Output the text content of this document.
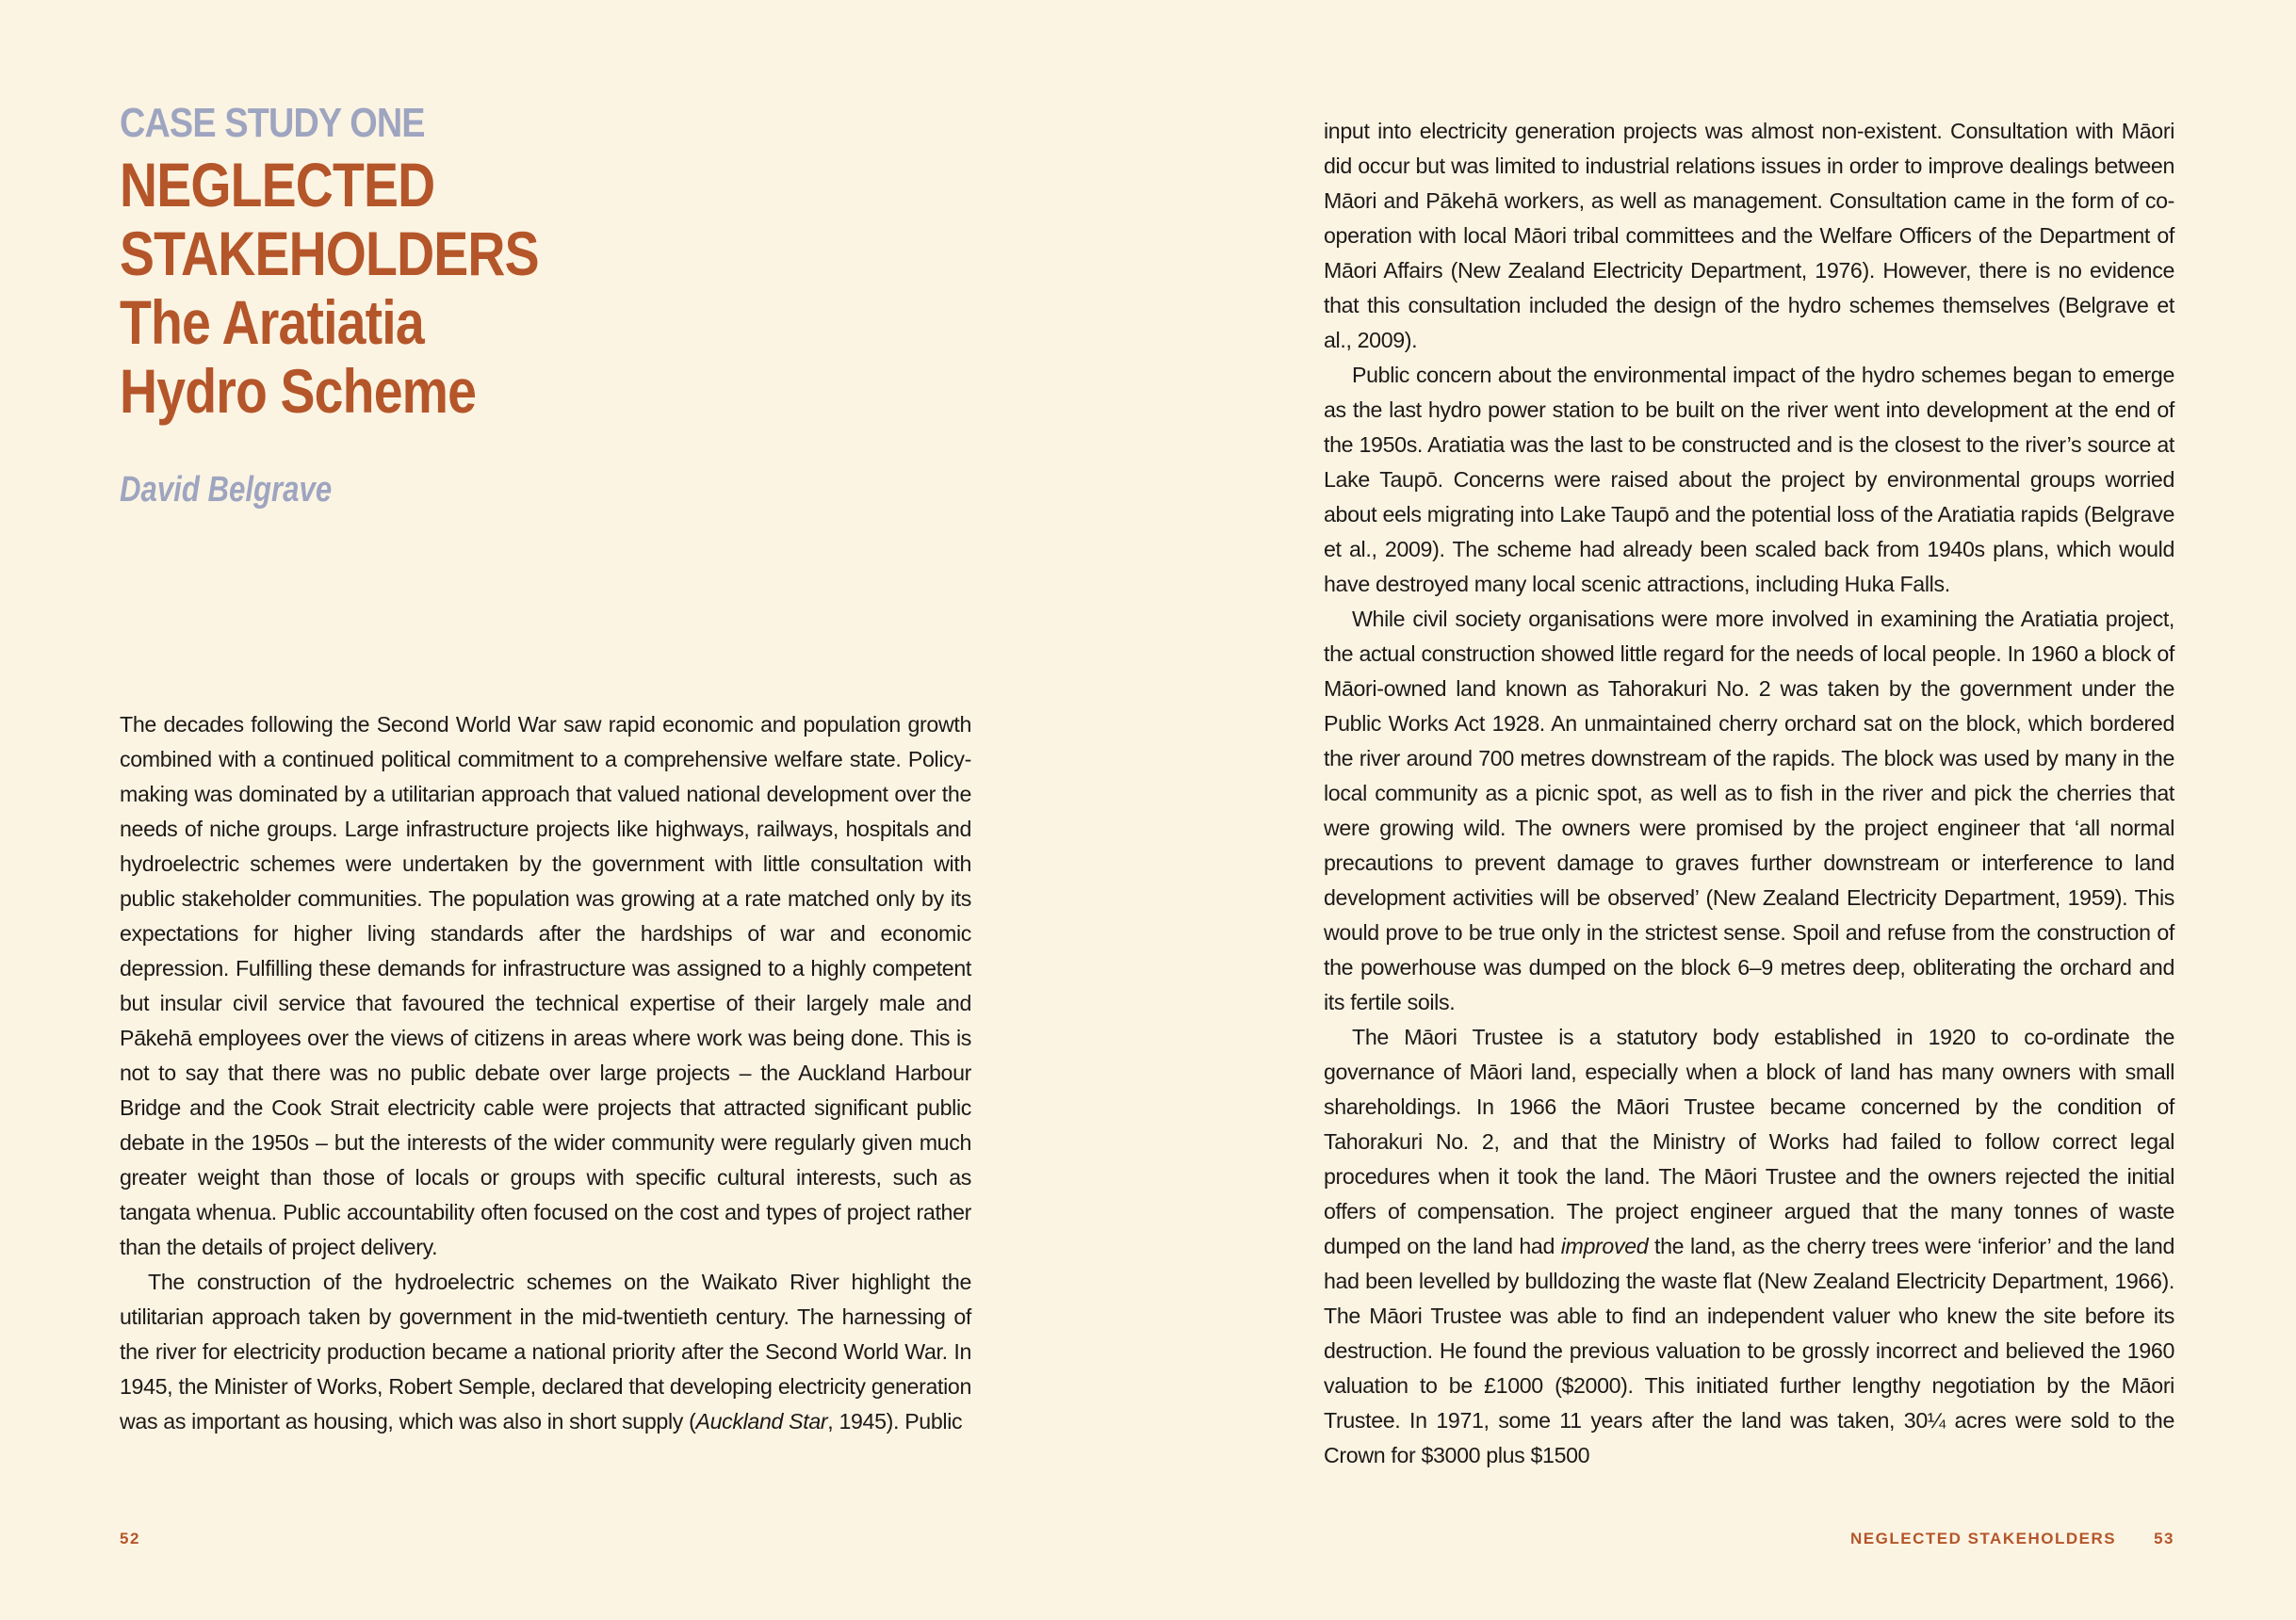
CASE STUDY ONE
NEGLECTED
STAKEHOLDERS
The Aratiatia
Hydro Scheme

David Belgrave

The decades following the Second World War saw rapid economic and population growth combined with a continued political commitment to a comprehensive welfare state. Policy-making was dominated by a utilitarian approach that valued national development over the needs of niche groups. Large infrastructure projects like highways, railways, hospitals and hydroelectric schemes were undertaken by the government with little consultation with public stakeholder communities. The population was growing at a rate matched only by its expectations for higher living standards after the hardships of war and economic depression. Fulfilling these demands for infrastructure was assigned to a highly competent but insular civil service that favoured the technical expertise of their largely male and Pākehā employees over the views of citizens in areas where work was being done. This is not to say that there was no public debate over large projects – the Auckland Harbour Bridge and the Cook Strait electricity cable were projects that attracted significant public debate in the 1950s – but the interests of the wider community were regularly given much greater weight than those of locals or groups with specific cultural interests, such as tangata whenua. Public accountability often focused on the cost and types of project rather than the details of project delivery.

The construction of the hydroelectric schemes on the Waikato River highlight the utilitarian approach taken by government in the mid-twentieth century. The harnessing of the river for electricity production became a national priority after the Second World War. In 1945, the Minister of Works, Robert Semple, declared that developing electricity generation was as important as housing, which was also in short supply (Auckland Star, 1945). Public

52

input into electricity generation projects was almost non-existent. Consultation with Māori did occur but was limited to industrial relations issues in order to improve dealings between Māori and Pākehā workers, as well as management. Consultation came in the form of co-operation with local Māori tribal committees and the Welfare Officers of the Department of Māori Affairs (New Zealand Electricity Department, 1976). However, there is no evidence that this consultation included the design of the hydro schemes themselves (Belgrave et al., 2009).

Public concern about the environmental impact of the hydro schemes began to emerge as the last hydro power station to be built on the river went into development at the end of the 1950s. Aratiatia was the last to be constructed and is the closest to the river’s source at Lake Taupō. Concerns were raised about the project by environmental groups worried about eels migrating into Lake Taupō and the potential loss of the Aratiatia rapids (Belgrave et al., 2009). The scheme had already been scaled back from 1940s plans, which would have destroyed many local scenic attractions, including Huka Falls.

While civil society organisations were more involved in examining the Aratiatia project, the actual construction showed little regard for the needs of local people. In 1960 a block of Māori-owned land known as Tahorakuri No. 2 was taken by the government under the Public Works Act 1928. An unmaintained cherry orchard sat on the block, which bordered the river around 700 metres downstream of the rapids. The block was used by many in the local community as a picnic spot, as well as to fish in the river and pick the cherries that were growing wild. The owners were promised by the project engineer that ‘all normal precautions to prevent damage to graves further downstream or interference to land development activities will be observed’ (New Zealand Electricity Department, 1959). This would prove to be true only in the strictest sense. Spoil and refuse from the construction of the powerhouse was dumped on the block 6–9 metres deep, obliterating the orchard and its fertile soils.

The Māori Trustee is a statutory body established in 1920 to co-ordinate the governance of Māori land, especially when a block of land has many owners with small shareholdings. In 1966 the Māori Trustee became concerned by the condition of Tahorakuri No. 2, and that the Ministry of Works had failed to follow correct legal procedures when it took the land. The Māori Trustee and the owners rejected the initial offers of compensation. The project engineer argued that the many tonnes of waste dumped on the land had improved the land, as the cherry trees were ‘inferior’ and the land had been levelled by bulldozing the waste flat (New Zealand Electricity Department, 1966). The Māori Trustee was able to find an independent valuer who knew the site before its destruction. He found the previous valuation to be grossly incorrect and believed the 1960 valuation to be £1000 ($2000). This initiated further lengthy negotiation by the Māori Trustee. In 1971, some 11 years after the land was taken, 30¼ acres were sold to the Crown for $3000 plus $1500

NEGLECTED STAKEHOLDERS 53
